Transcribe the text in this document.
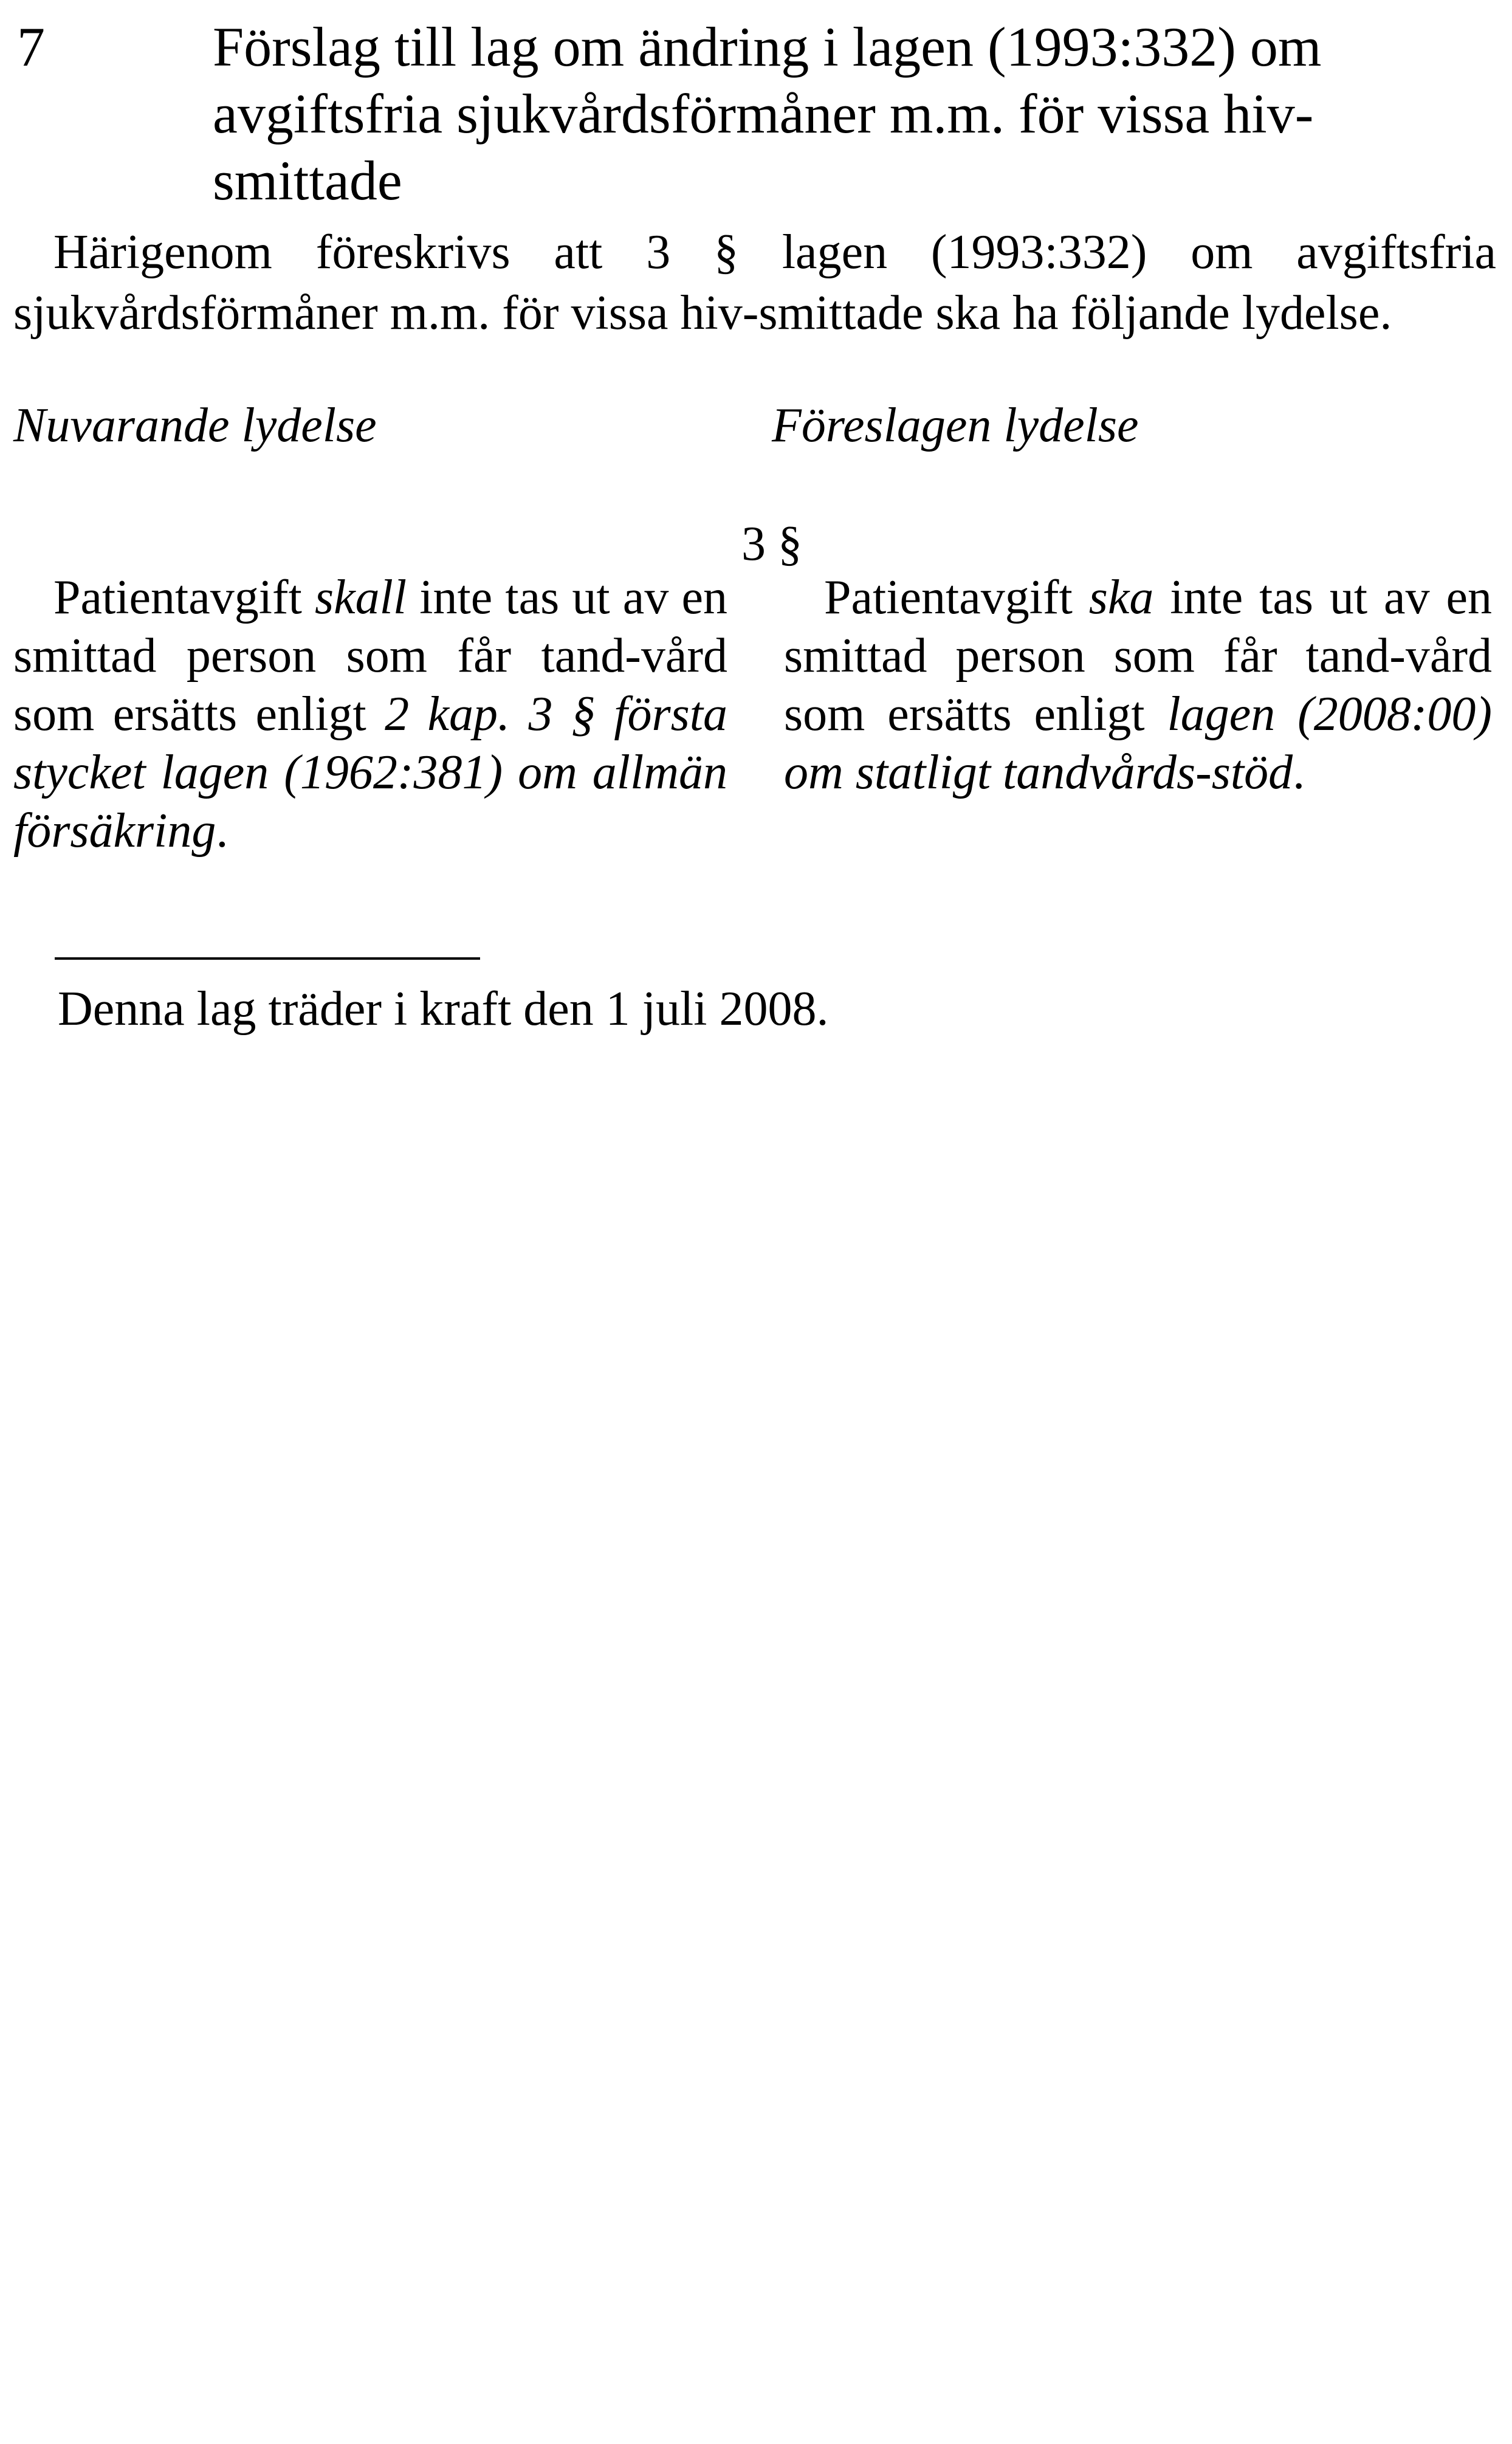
7	Förslag till lag om ändring i lagen (1993:332) om avgiftsfria sjukvårdsförmåner m.m. för vissa hiv-smittade

Härigenom föreskrivs att 3 § lagen (1993:332) om avgiftsfria sjukvårdsförmåner m.m. för vissa hiv-smittade ska ha följande lydelse.

Nuvarande lydelse	Föreslagen lydelse
3 §

Patientavgift skall inte tas ut av en smittad person som får tand-vård som ersätts enligt 2 kap. 3 § första stycket lagen (1962:381) om allmän försäkring.

Patientavgift ska inte tas ut av en smittad person som får tand-vård som ersätts enligt lagen (2008:00) om statligt tandvårds-stöd.

Denna lag träder i kraft den 1 juli 2008.
